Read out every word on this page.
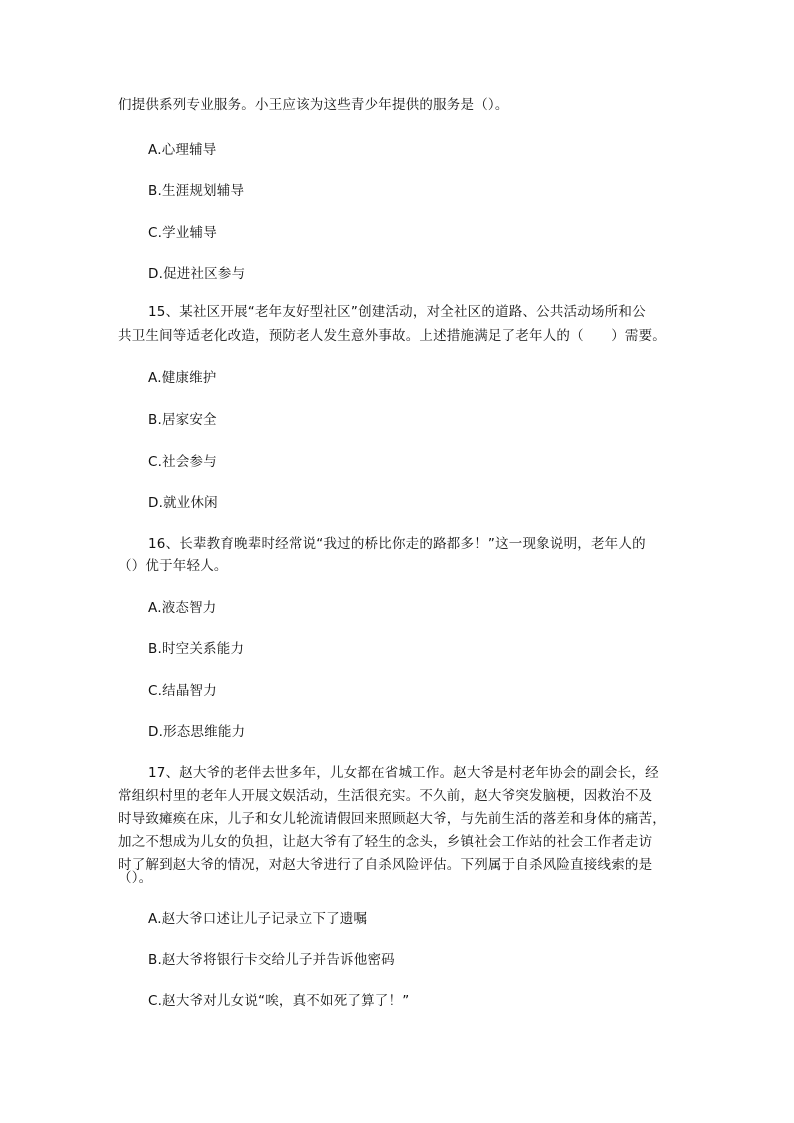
们提供系列专业服务。小王应该为这些青少年提供的服务是（）。
A.心理辅导
B.生涯规划辅导
C.学业辅导
D.促进社区参与
15、某社区开展“老年友好型社区”创建活动，对全社区的道路、公共活动场所和公
共卫生间等适老化改造，预防老人发生意外事故。上述措施满足了老年人的（　　）需要。
A.健康维护
B.居家安全
C.社会参与
D.就业休闲
16、长辈教育晚辈时经常说“我过的桥比你走的路都多！”这一现象说明，老年人的
（）优于年轻人。
A.液态智力
B.时空关系能力
C.结晶智力
D.形态思维能力
17、赵大爷的老伴去世多年，儿女都在省城工作。赵大爷是村老年协会的副会长，经
常组织村里的老年人开展文娱活动，生活很充实。不久前，赵大爷突发脑梗，因救治不及
时导致瘫痪在床，儿子和女儿轮流请假回来照顾赵大爷，与先前生活的落差和身体的痛苦，
加之不想成为儿女的负担，让赵大爷有了轻生的念头，乡镇社会工作站的社会工作者走访
时了解到赵大爷的情况，对赵大爷进行了自杀风险评估。下列属于自杀风险直接线索的是
（）。
A.赵大爷口述让儿子记录立下了遗嘱
B.赵大爷将银行卡交给儿子并告诉他密码
C.赵大爷对儿女说“唉，真不如死了算了！”
